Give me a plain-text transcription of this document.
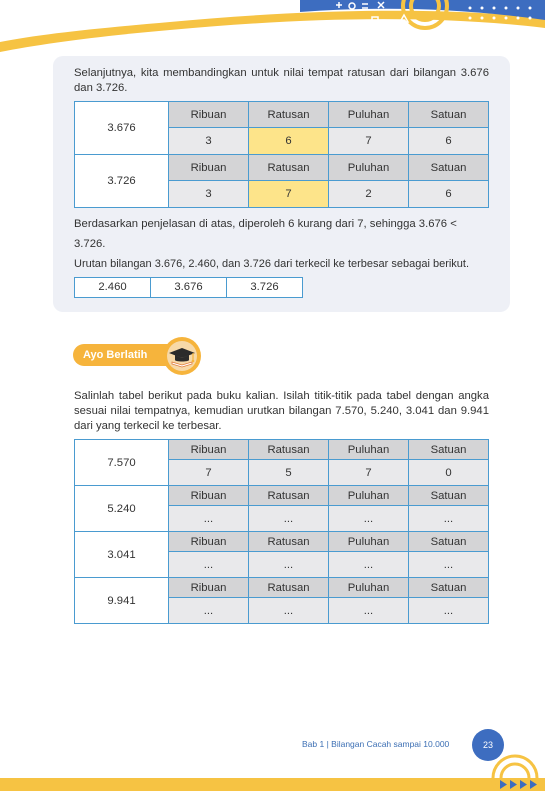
Selanjutnya, kita membandingkan untuk nilai tempat ratusan dari bilangan 3.676 dan 3.726.

3.676	Ribuan	Ratusan	Puluhan	Satuan
	3	6	7	6
3.726	Ribuan	Ratusan	Puluhan	Satuan
	3	7	2	6

Berdasarkan penjelasan di atas, diperoleh 6 kurang dari 7, sehingga 3.676 < 3.726.

Urutan bilangan 3.676, 2.460, dan 3.726 dari terkecil ke terbesar sebagai berikut.

2.460	3.676	3.726
Ayo Berlatih

Salinlah tabel berikut pada buku kalian. Isilah titik-titik pada tabel dengan angka sesuai nilai tempatnya, kemudian urutkan bilangan 7.570, 5.240, 3.041 dan 9.941 dari yang terkecil ke terbesar.

7.570	Ribuan	Ratusan	Puluhan	Satuan
	7	5	7	0
5.240	Ribuan	Ratusan	Puluhan	Satuan
	...	...	...	...
3.041	Ribuan	Ratusan	Puluhan	Satuan
	...	...	...	...
9.941	Ribuan	Ratusan	Puluhan	Satuan
	...	...	...	...
Bab 1 | Bilangan Cacah sampai 10.000	23
